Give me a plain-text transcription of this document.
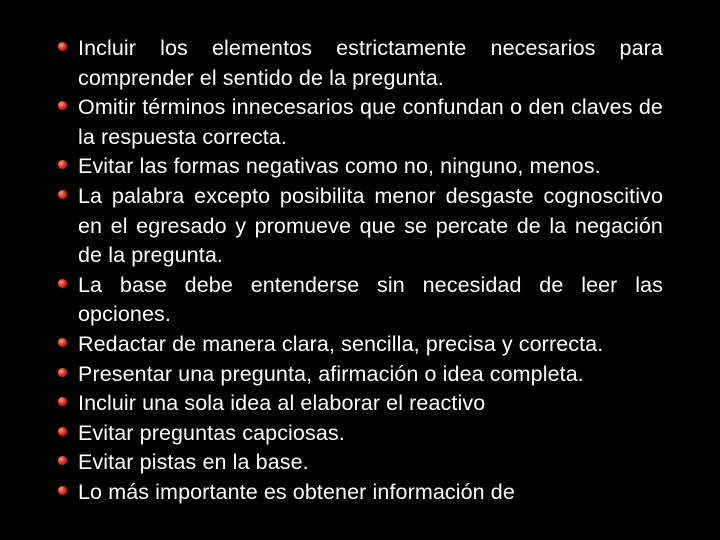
Incluir los elementos estrictamente necesarios para comprender el sentido de la pregunta.
Omitir términos innecesarios que confundan o den claves de la respuesta correcta.
Evitar las formas negativas como no, ninguno, menos.
La palabra excepto posibilita menor desgaste cognoscitivo en el egresado y promueve que se percate de la negación de la pregunta.
La base debe entenderse sin necesidad de leer las opciones.
Redactar de manera clara, sencilla, precisa y correcta.
Presentar una pregunta, afirmación o idea completa.
Incluir una sola idea al elaborar el reactivo
Evitar preguntas capciosas.
Evitar pistas en la base.
Lo más importante es obtener información de
